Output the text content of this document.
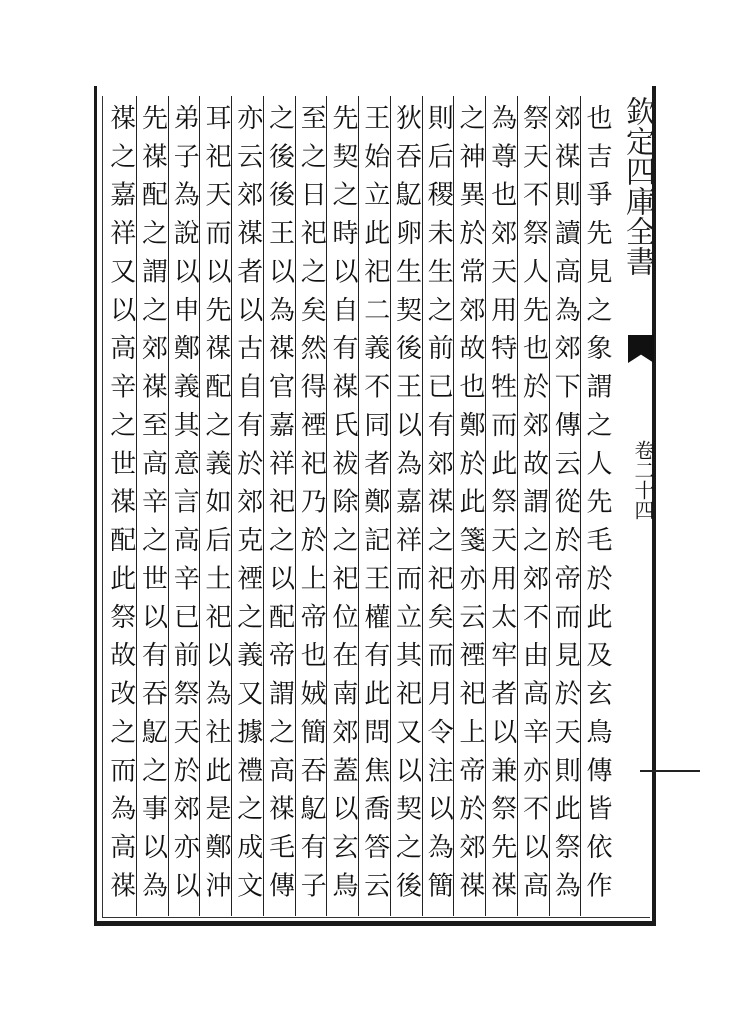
欽定四庫全書
卷二十四
也吉爭先見之象謂之人先毛於此及玄鳥傳皆依作
郊禖則讀高為郊下傳云從於帝而見於天則此祭為
祭天不祭人先也於郊故謂之郊不由高辛亦不以高
為尊也郊天用特牲而此祭天用太牢者以兼祭先禖
之神異於常郊故也鄭於此箋亦云禋祀上帝於郊禖
則后稷未生之前已有郊禖之祀矣而月令注以為簡
狄吞鳦卵生契後王以為嘉祥而立其祀又以契之後
王始立此祀二義不同者鄭記王權有此問焦喬答云
先契之時以自有禖氏祓除之祀位在南郊蓋以玄鳥
至之日祀之矣然得禋祀乃於上帝也娀簡吞鳦有子
之後後王以為禖官嘉祥祀之以配帝謂之高禖毛傳
亦云郊禖者以古自有於郊克禋之義又據禮之成文
耳祀天而以先禖配之義如后土祀以為社此是鄭沖
弟子為說以申鄭義其意言高辛已前祭天於郊亦以
先禖配之謂之郊禖至高辛之世以有吞鳦之事以為
禖之嘉祥又以高辛之世禖配此祭故改之而為高禖
